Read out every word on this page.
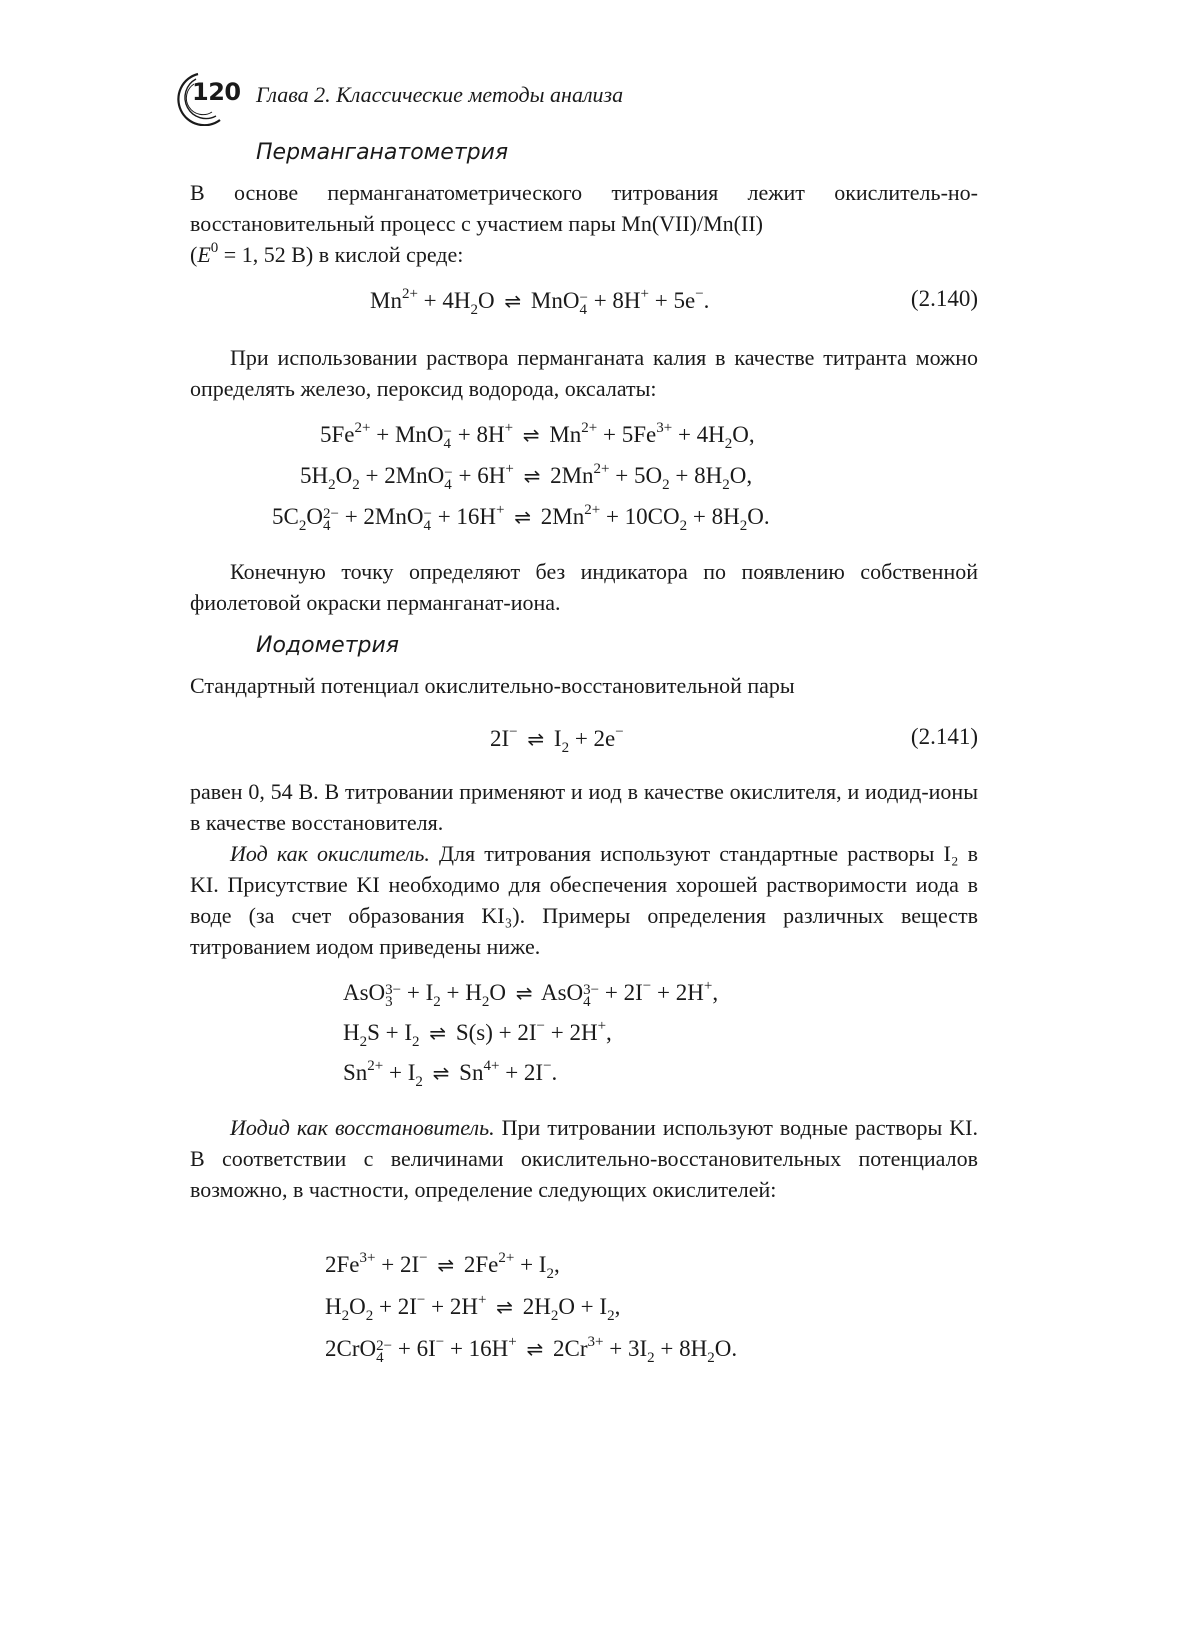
120 Глава 2. Классические методы анализа
Перманганатометрия

В основе перманганатометрического титрования лежит окислитель-но-восстановительный процесс с участием пары Mn(VII)/Mn(II)
($E^0 = 1$, 52 В) в кислой среде:

$Mn^{2+} + 4H_2O$ ⇌ MnO −
4 + 8H+ + 5e−.	(2.140)

При использовании раствора перманганата калия в качестве титранта можно определять железо, пероксид водорода, оксалаты:

$5Fe^{2+}$ + MnO −
4 + 8H+ ⇌ $Mn^{2+} + 5Fe^{3+} + 4H_2O$,
$5H_2O_2 + 2MnO$ −
4 + 6H+ ⇌ $2Mn^{2+} + 5O_2 + 8H_2O$,
$5C_2O$ 2−
4 + 2MnO −
4 + 16H+ ⇌ $2Mn^{2+} + 10CO_2 + 8H_2O$.

Конечную точку определяют без индикатора по появлению собственной фиолетовой окраски перманганат-иона.

Иодометрия

Стандартный потенциал окислительно-восстановительной пары

2I− ⇌ $I_2 + 2e^-$	(2.141)

равен 0, 54 В. В титровании применяют и иод в качестве окислителя, и иодид-ионы в качестве восстановителя.

Иод как окислитель. Для титрования используют стандартные растворы I₂ в KI. Присутствие KI необходимо для обеспечения хорошей растворимости иода в воде (за счет образования KI₃). Примеры определения различных веществ титрованием иодом приведены ниже.

AsO 3−
$3 + I_2 + H_2O$ ⇌ AsO 3−
4 + 2I− + 2H+,
$H_2S + I_2$ ⇌ S(s) + 2I− + 2H+,
$Sn^{2+} + I_2$ ⇌ $Sn^{4+} + 2I^-$.

Иодид как восстановитель. При титровании используют водные растворы KI. В соответствии с величинами окислительно-восстановительных потенциалов возможно, в частности, определение следующих окислителей:

$2Fe^{3+} + 2I^-$ ⇌ $2Fe^{2+} + I_2$,
$H_2O_2 + 2I^- + 2H^+$ ⇌ $2H_2O + I_2$,
2CrO 2−
4 + 6I− + 16H+ ⇌ $2Cr^{3+} + 3I_2 + 8H_2O$.
